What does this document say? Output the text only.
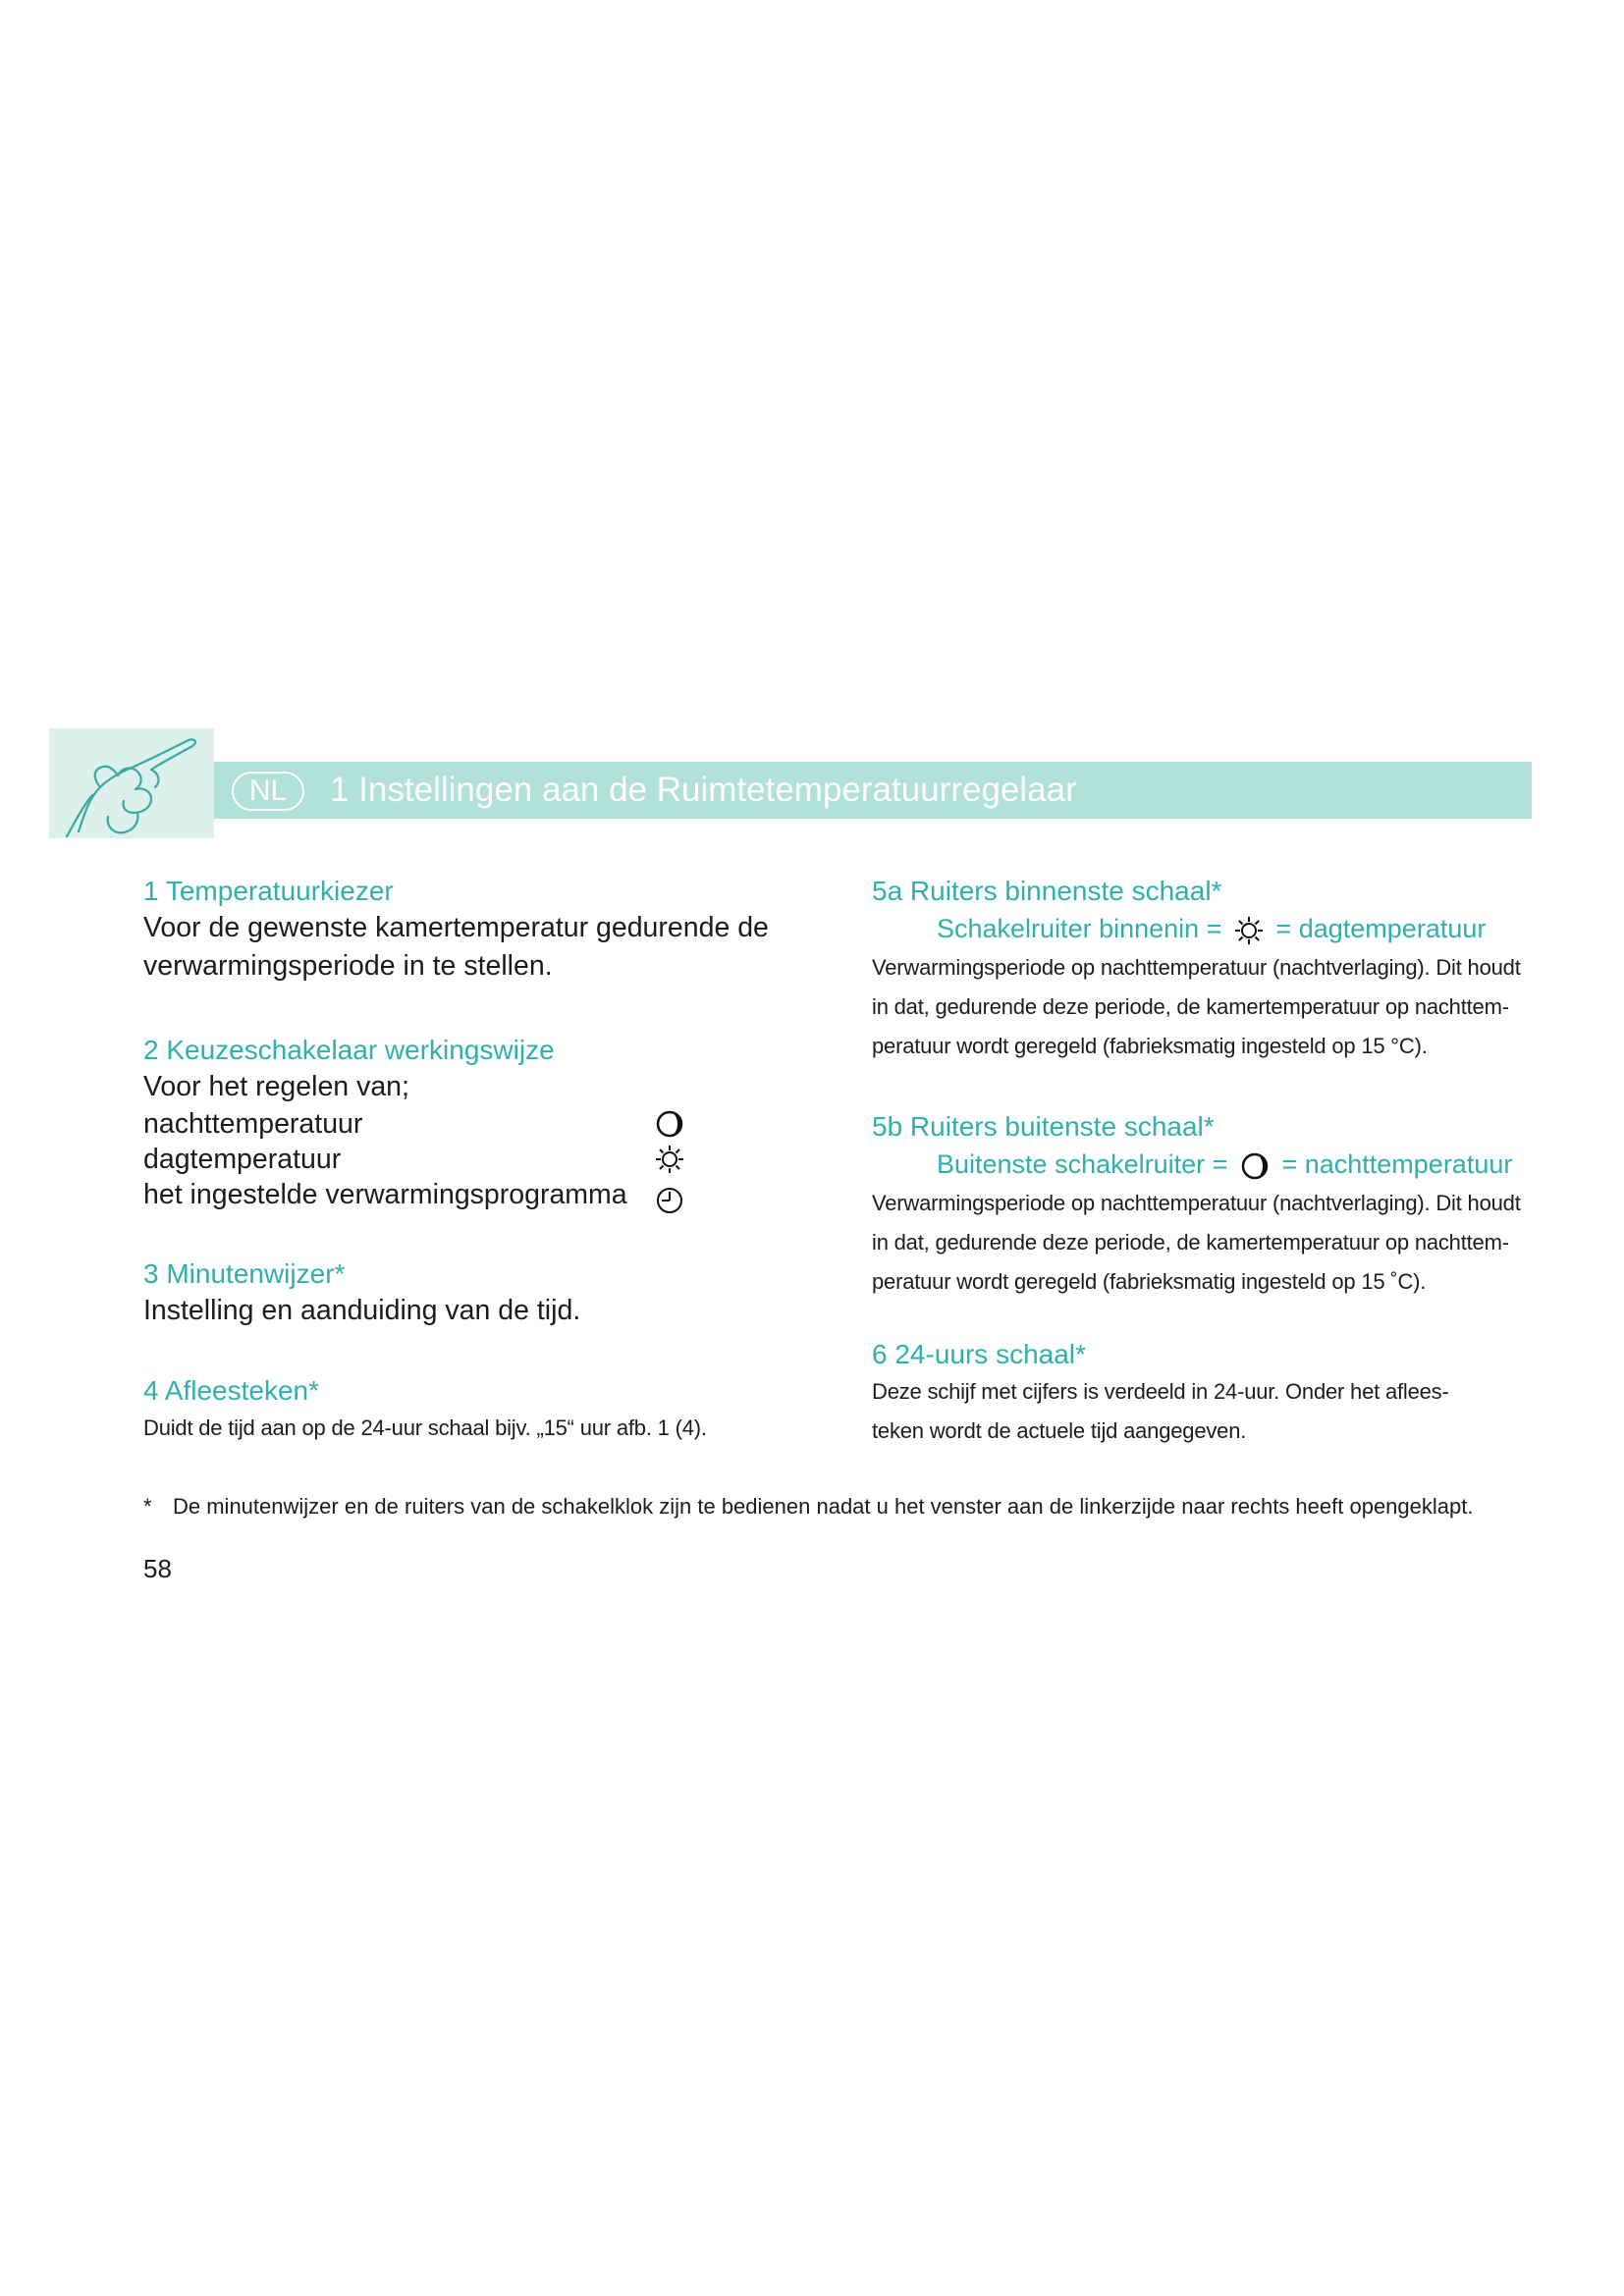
NL	1 Instellingen aan de Ruimtetemperatuurregelaar

1 Temperatuurkiezer

Voor de gewenste kamertemperatur gedurende de

verwarmingsperiode in te stellen.

2 Keuzeschakelaar werkingswijze

Voor het regelen van;

nachttemperatuur
dagtemperatuur
het ingestelde verwarmingsprogramma

3 Minutenwijzer*

Instelling en aanduiding van de tijd.

4 Afleesteken*

Duidt de tijd aan op de 24-uur schaal bijv. „15“ uur afb. 1 (4).

5a Ruiters binnenste schaal*

Schakelruiter binnenin = = dagtemperatuur

Verwarmingsperiode op nachttemperatuur (nachtverlaging). Dit houdt

in dat, gedurende deze periode, de kamertemperatuur op nachttem-

peratuur wordt geregeld (fabrieksmatig ingesteld op 15 °C).

5b Ruiters buitenste schaal*

Buitenste schakelruiter = = nachttemperatuur

Verwarmingsperiode op nachttemperatuur (nachtverlaging). Dit houdt

in dat, gedurende deze periode, de kamertemperatuur op nachttem-

peratuur wordt geregeld (fabrieksmatig ingesteld op 15 ˚C).

6 24-uurs schaal*

Deze schijf met cijfers is verdeeld in 24-uur. Onder het aflees-

teken wordt de actuele tijd aangegeven.

* De minutenwijzer en de ruiters van de schakelklok zijn te bedienen nadat u het venster aan de linkerzijde naar rechts heeft opengeklapt.
58
